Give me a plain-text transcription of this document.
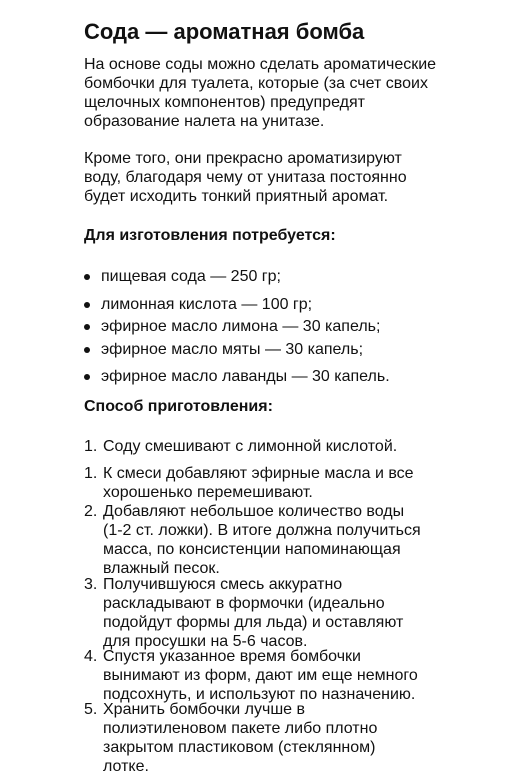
Сода — ароматная бомба
На основе соды можно сделать ароматические
бомбочки для туалета, которые (за счет своих
щелочных компонентов) предупредят
образование налета на унитазе.
Кроме того, они прекрасно ароматизируют
воду, благодаря чему от унитаза постоянно
будет исходить тонкий приятный аромат.
Для изготовления потребуется:
пищевая сода — 250 гр;
лимонная кислота — 100 гр;
эфирное масло лимона — 30 капель;
эфирное масло мяты — 30 капель;
эфирное масло лаванды — 30 капель.
Способ приготовления:
1. Соду смешивают с лимонной кислотой.
1. К смеси добавляют эфирные масла и все
хорошенько перемешивают.
2. Добавляют небольшое количество воды
(1-2 ст. ложки). В итоге должна получиться
масса, по консистенции напоминающая
влажный песок.
3. Получившуюся смесь аккуратно
раскладывают в формочки (идеально
подойдут формы для льда) и оставляют
для просушки на 5-6 часов.
4. Спустя указанное время бомбочки
вынимают из форм, дают им еще немного
подсохнуть, и используют по назначению.
5. Хранить бомбочки лучше в
полиэтиленовом пакете либо плотно
закрытом пластиковом (стеклянном)
лотке.
